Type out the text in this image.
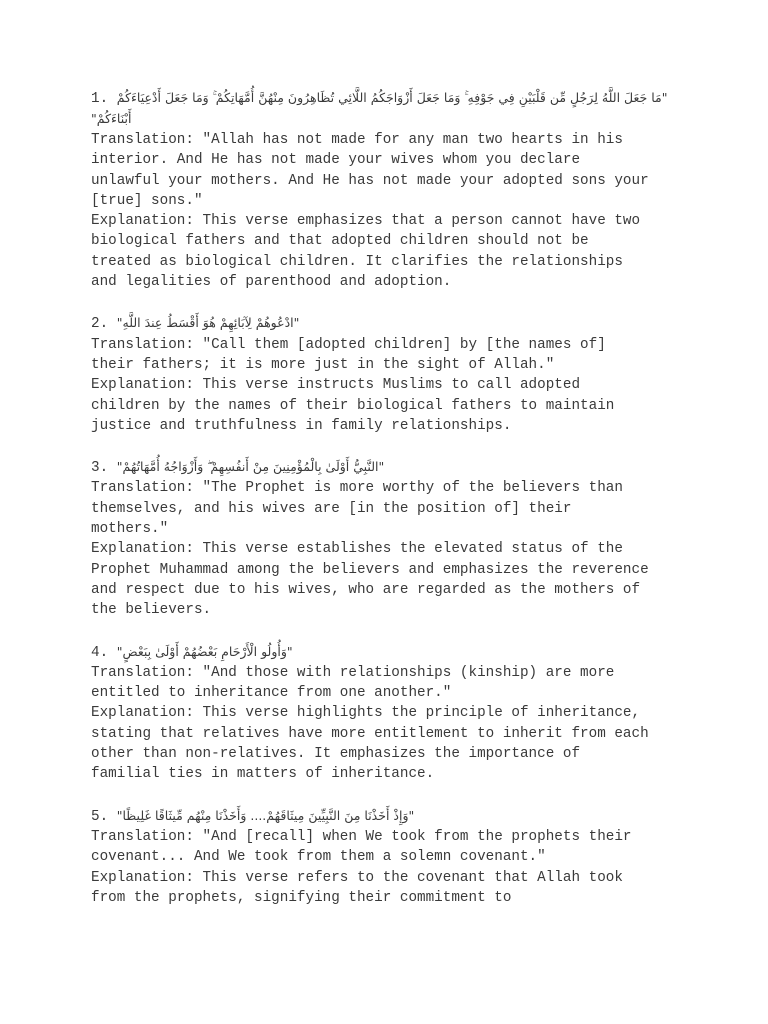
1. "مَا جَعَلَ اللَّهُ لِرَجُلٍ مِّن قَلْبَيْنِ فِي جَوْفِهِ ۚ وَمَا جَعَلَ أَزْوَاجَكُمُ اللَّائِي تُظَاهِرُونَ مِنْهُنَّ أُمَّهَاتِكُمْ ۚ وَمَا جَعَلَ أَدْعِيَاءَكُمْ أَبْنَاءَكُمْ"
Translation: "Allah has not made for any man two hearts in his
interior. And He has not made your wives whom you declare
unlawful your mothers. And He has not made your adopted sons your
[true] sons."
Explanation: This verse emphasizes that a person cannot have two
biological fathers and that adopted children should not be
treated as biological children. It clarifies the relationships
and legalities of parenthood and adoption.
2. "ادْعُوهُمْ لِآبَائِهِمْ هُوَ أَقْسَطُ عِندَ اللَّهِ"
Translation: "Call them [adopted children] by [the names of]
their fathers; it is more just in the sight of Allah."
Explanation: This verse instructs Muslims to call adopted
children by the names of their biological fathers to maintain
justice and truthfulness in family relationships.
3. "النَّبِيُّ أَوْلَىٰ بِالْمُؤْمِنِينَ مِنْ أَنفُسِهِمْ ۖ وَأَزْوَاجُهُ أُمَّهَاتُهُمْ"
Translation: "The Prophet is more worthy of the believers than
themselves, and his wives are [in the position of] their
mothers."
Explanation: This verse establishes the elevated status of the
Prophet Muhammad among the believers and emphasizes the reverence
and respect due to his wives, who are regarded as the mothers of
the believers.
4. "وَأُولُو الْأَرْحَامِ بَعْضُهُمْ أَوْلَىٰ بِبَعْضٍ"
Translation: "And those with relationships (kinship) are more
entitled to inheritance from one another."
Explanation: This verse highlights the principle of inheritance,
stating that relatives have more entitlement to inherit from each
other than non-relatives. It emphasizes the importance of
familial ties in matters of inheritance.
5. "وَإِذْ أَخَذْنَا مِنَ النَّبِيِّينَ مِيثَاقَهُمْ.... وَأَخَذْنَا مِنْهُم مِّيثَاقًا غَلِيظًا"
Translation: "And [recall] when We took from the prophets their
covenant... And We took from them a solemn covenant."
Explanation: This verse refers to the covenant that Allah took
from the prophets, signifying their commitment to
